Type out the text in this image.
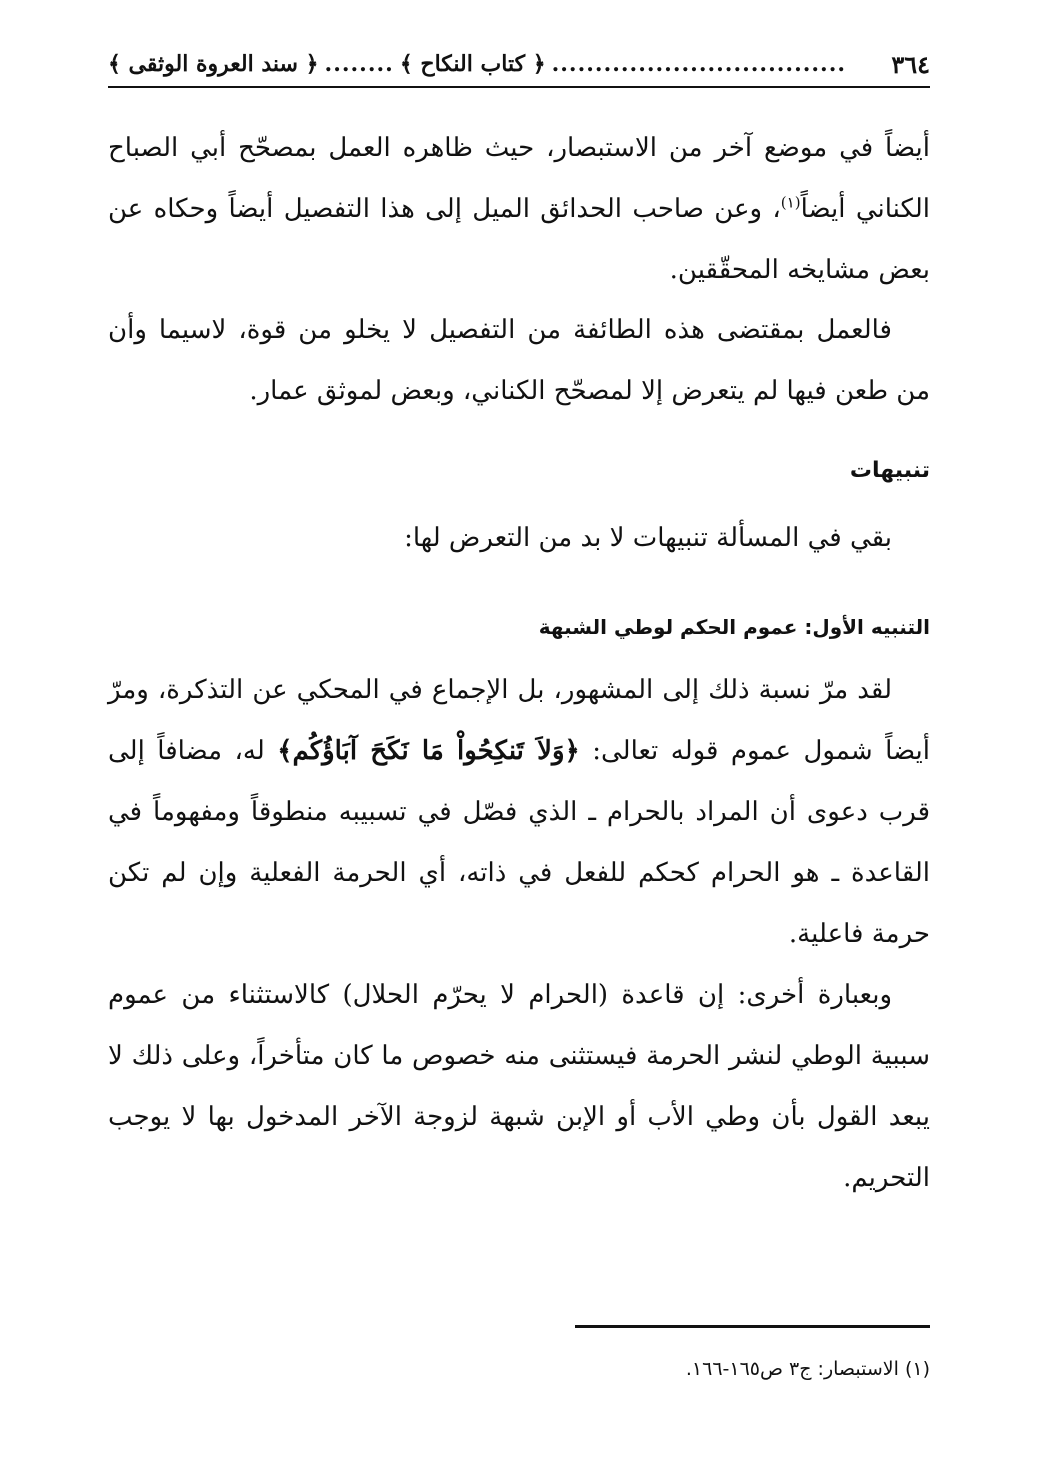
٣٦٤
..................................
﴿ كتاب النكاح ﴾
........
﴿ سند العروة الوثقى ﴾

أيضاً في موضع آخر من الاستبصار، حيث ظاهره العمل بمصحّح أبي الصباح الكناني أيضاً$^{(١)}$، وعن صاحب الحدائق الميل إلى هذا التفصيل أيضاً وحكاه عن بعض مشايخه المحقّقين.

فالعمل بمقتضى هذه الطائفة من التفصيل لا يخلو من قوة، لاسيما وأن من طعن فيها لم يتعرض إلا لمصحّح الكناني، وبعض لموثق عمار.

تنبيهات

بقي في المسألة تنبيهات لا بد من التعرض لها:

التنبيه الأول: عموم الحكم لوطي الشبهة

لقد مرّ نسبة ذلك إلى المشهور، بل الإجماع في المحكي عن التذكرة، ومرّ أيضاً شمول عموم قوله تعالى: ﴿وَلاَ تَنكِحُواْ مَا نَكَحَ آبَاؤُكُم﴾ له، مضافاً إلى قرب دعوى أن المراد بالحرام ـ الذي فصّل في تسبيبه منطوقاً ومفهوماً في القاعدة ـ هو الحرام كحكم للفعل في ذاته، أي الحرمة الفعلية وإن لم تكن حرمة فاعلية.

وبعبارة أخرى: إن قاعدة (الحرام لا يحرّم الحلال) كالاستثناء من عموم سببية الوطي لنشر الحرمة فيستثنى منه خصوص ما كان متأخراً، وعلى ذلك لا يبعد القول بأن وطي الأب أو الإبن شبهة لزوجة الآخر المدخول بها لا يوجب التحريم.

(١) الاستبصار: ج٣ ص١٦٥-١٦٦.
